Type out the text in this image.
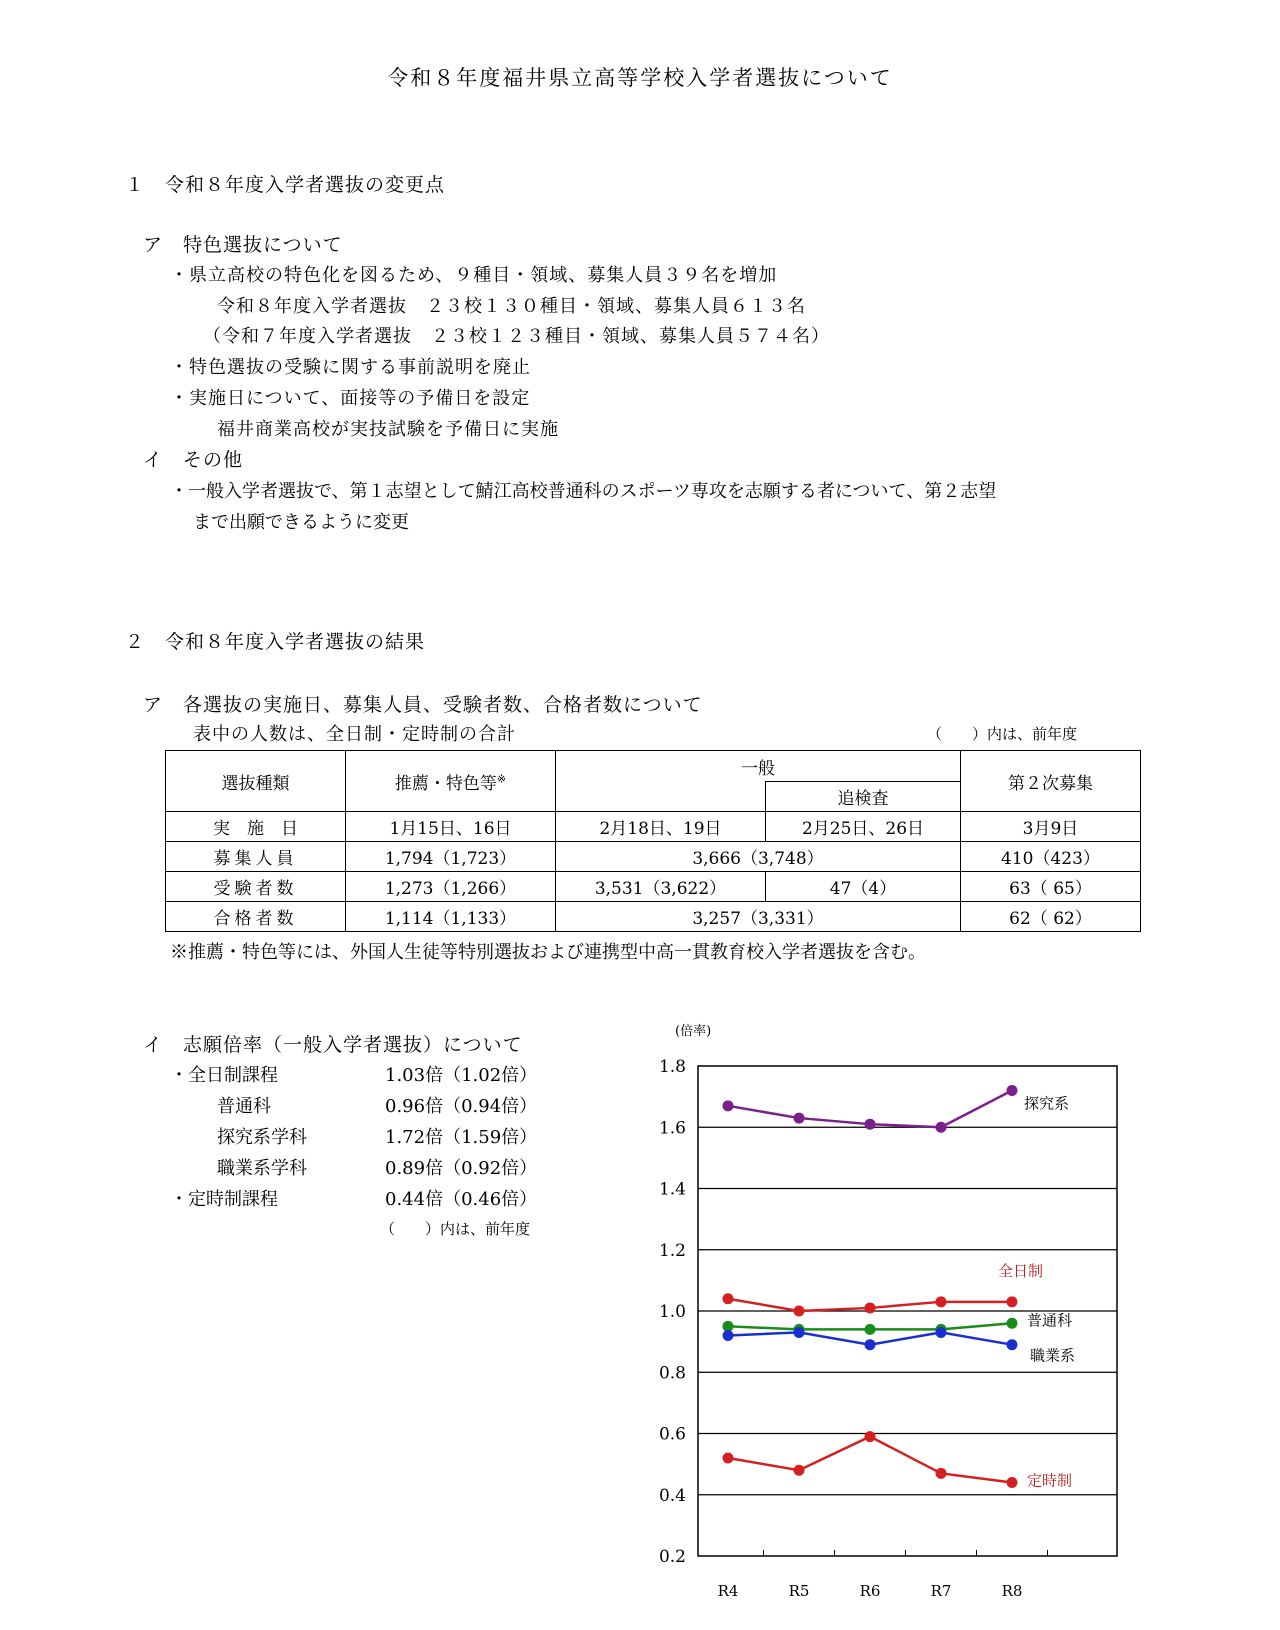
令和８年度福井県立高等学校入学者選抜について
１　令和８年度入学者選抜の変更点
ア　特色選抜について
・県立高校の特色化を図るため、９種目・領域、募集人員３９名を増加
令和８年度入学者選抜　２３校１３０種目・領域、募集人員６１３名
（令和７年度入学者選抜　２３校１２３種目・領域、募集人員５７４名）
・特色選抜の受験に関する事前説明を廃止
・実施日について、面接等の予備日を設定
福井商業高校が実技試験を予備日に実施
イ　その他
・一般入学者選抜で、第１志望として鯖江高校普通科のスポーツ専攻を志願する者について、第２志望
まで出願できるように変更
２　令和８年度入学者選抜の結果
ア　各選抜の実施日、募集人員、受験者数、合格者数について
表中の人数は、全日制・定時制の合計	（　　）内は、前年度
選抜種類	推薦・特色等※	一般		第２次募集
			追検査	
実　施　日	1月15日、16日	2月18日、19日	2月25日、26日	3月9日
募集人員	1,794（1,723）	3,666（3,748）		410（423）
受験者数	1,273（1,266）	3,531（3,622）	47（4）	63（ 65）
合格者数	1,114（1,133）	3,257（3,331）		62（ 62）
※推薦・特色等には、外国人生徒等特別選抜および連携型中高一貫教育校入学者選抜を含む。
イ　志願倍率（一般入学者選抜）について
・全日制課程	1.03倍（1.02倍）
普通科	0.96倍（0.94倍）
探究系学科	1.72倍（1.59倍）
職業系学科	0.89倍（0.92倍）
・定時制課程	0.44倍（0.46倍）
（　　）内は、前年度
(倍率)
0.2
0.4
0.6
0.8
1.0
1.2
1.4
1.6
1.8
R4	R5	R6	R7	R8
探究系
全日制
普通科
職業系
定時制
